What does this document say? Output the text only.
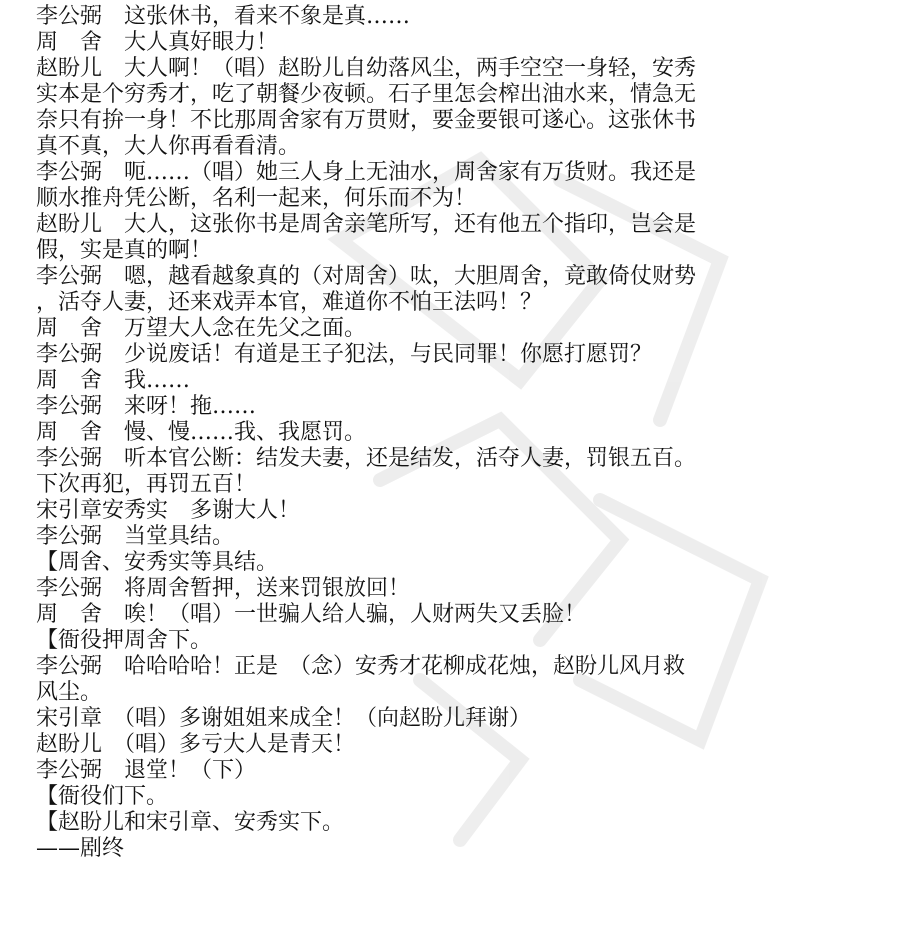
李公弼　这张休书，看来不象是真……
周　舍　大人真好眼力！
赵盼儿　大人啊！（唱）赵盼儿自幼落风尘，两手空空一身轻，安秀
实本是个穷秀才，吃了朝餐少夜顿。石子里怎会榨出油水来，情急无
奈只有拚一身！不比那周舍家有万贯财，要金要银可遂心。这张休书
真不真，大人你再看看清。
李公弼　呃……（唱）她三人身上无油水，周舍家有万货财。我还是
顺水推舟凭公断，名利一起来，何乐而不为！
赵盼儿　大人，这张你书是周舍亲笔所写，还有他五个指印，岂会是
假，实是真的啊！
李公弼　嗯，越看越象真的（对周舍）呔，大胆周舍，竟敢倚仗财势
，活夺人妻，还来戏弄本官，难道你不怕王法吗！？
周　舍　万望大人念在先父之面。
李公弼　少说废话！有道是王子犯法，与民同罪！你愿打愿罚？
周　舍　我……
李公弼　来呀！拖……
周　舍　慢、慢……我、我愿罚。
李公弼　听本官公断：结发夫妻，还是结发，活夺人妻，罚银五百。
下次再犯，再罚五百！
宋引章安秀实　多谢大人！
李公弼　当堂具结。
【周舍、安秀实等具结。
李公弼　将周舍暂押，送来罚银放回！
周　舍　唉！（唱）一世骗人给人骗，人财两失又丢脸！
【衙役押周舍下。
李公弼　哈哈哈哈！正是　（念）安秀才花柳成花烛，赵盼儿风月救
风尘。
宋引章　（唱）多谢姐姐来成全！（向赵盼儿拜谢）
赵盼儿　（唱）多亏大人是青天！
李公弼　退堂！（下）
【衙役们下。
【赵盼儿和宋引章、安秀实下。
——剧终
